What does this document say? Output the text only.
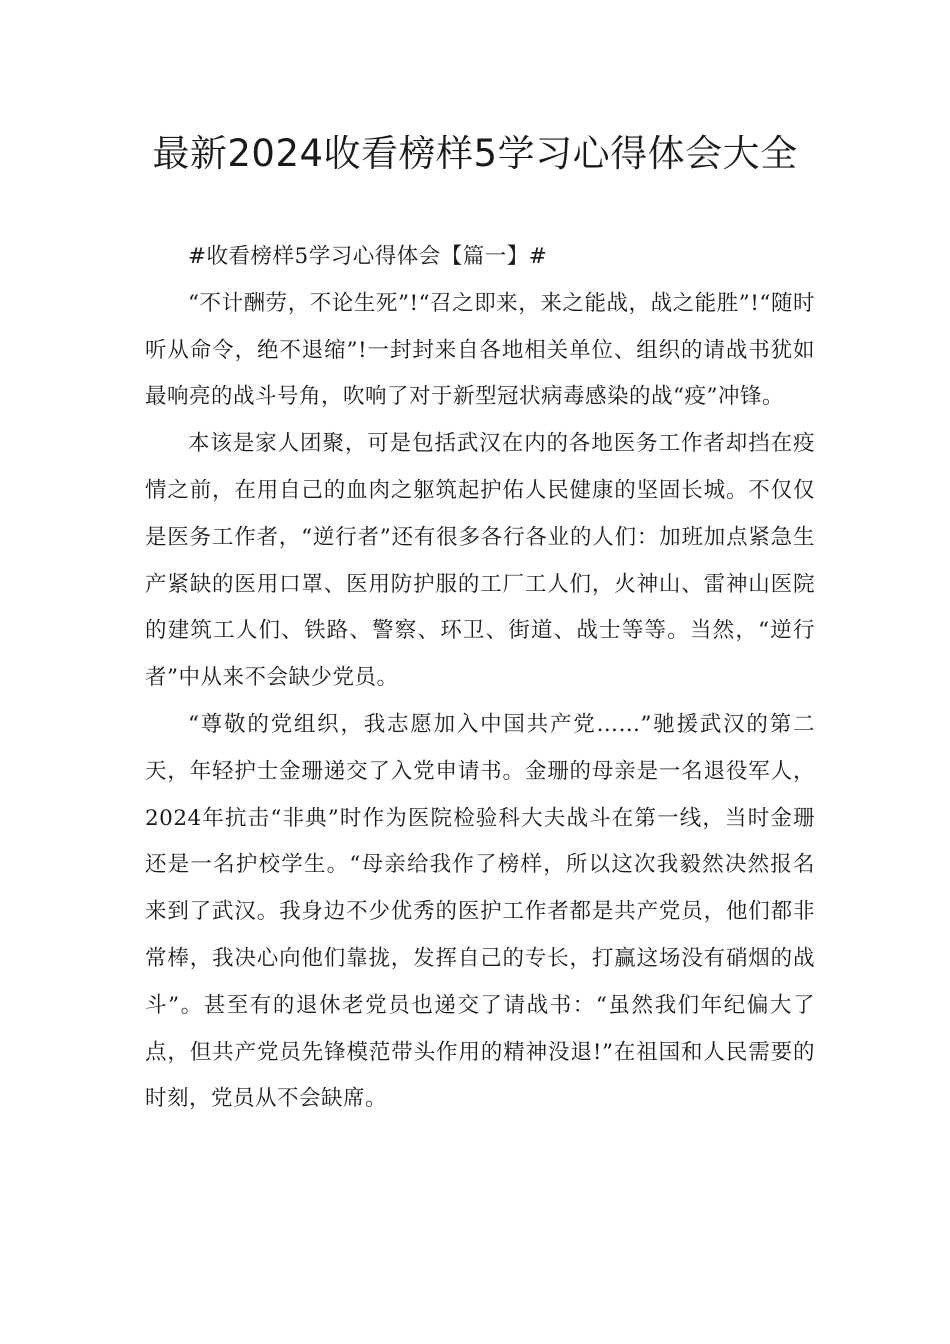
最新2024收看榜样5学习心得体会大全

#收看榜样5学习心得体会【篇一】#

“不计酬劳，不论生死”!“召之即来，来之能战，战之能胜”!“随时听从命令，绝不退缩”!一封封来自各地相关单位、组织的请战书犹如最响亮的战斗号角，吹响了对于新型冠状病毒感染的战“疫”冲锋。

本该是家人团聚，可是包括武汉在内的各地医务工作者却挡在疫情之前，在用自己的血肉之躯筑起护佑人民健康的坚固长城。不仅仅是医务工作者，“逆行者”还有很多各行各业的人们：加班加点紧急生产紧缺的医用口罩、医用防护服的工厂工人们，火神山、雷神山医院的建筑工人们、铁路、警察、环卫、街道、战士等等。当然，“逆行者”中从来不会缺少党员。

“尊敬的党组织，我志愿加入中国共产党……”驰援武汉的第二天，年轻护士金珊递交了入党申请书。金珊的母亲是一名退役军人，2024年抗击“非典”时作为医院检验科大夫战斗在第一线，当时金珊还是一名护校学生。“母亲给我作了榜样，所以这次我毅然决然报名来到了武汉。我身边不少优秀的医护工作者都是共产党员，他们都非常棒，我决心向他们靠拢，发挥自己的专长，打赢这场没有硝烟的战斗”。甚至有的退休老党员也递交了请战书：“虽然我们年纪偏大了点，但共产党员先锋模范带头作用的精神没退!”在祖国和人民需要的时刻，党员从不会缺席。
